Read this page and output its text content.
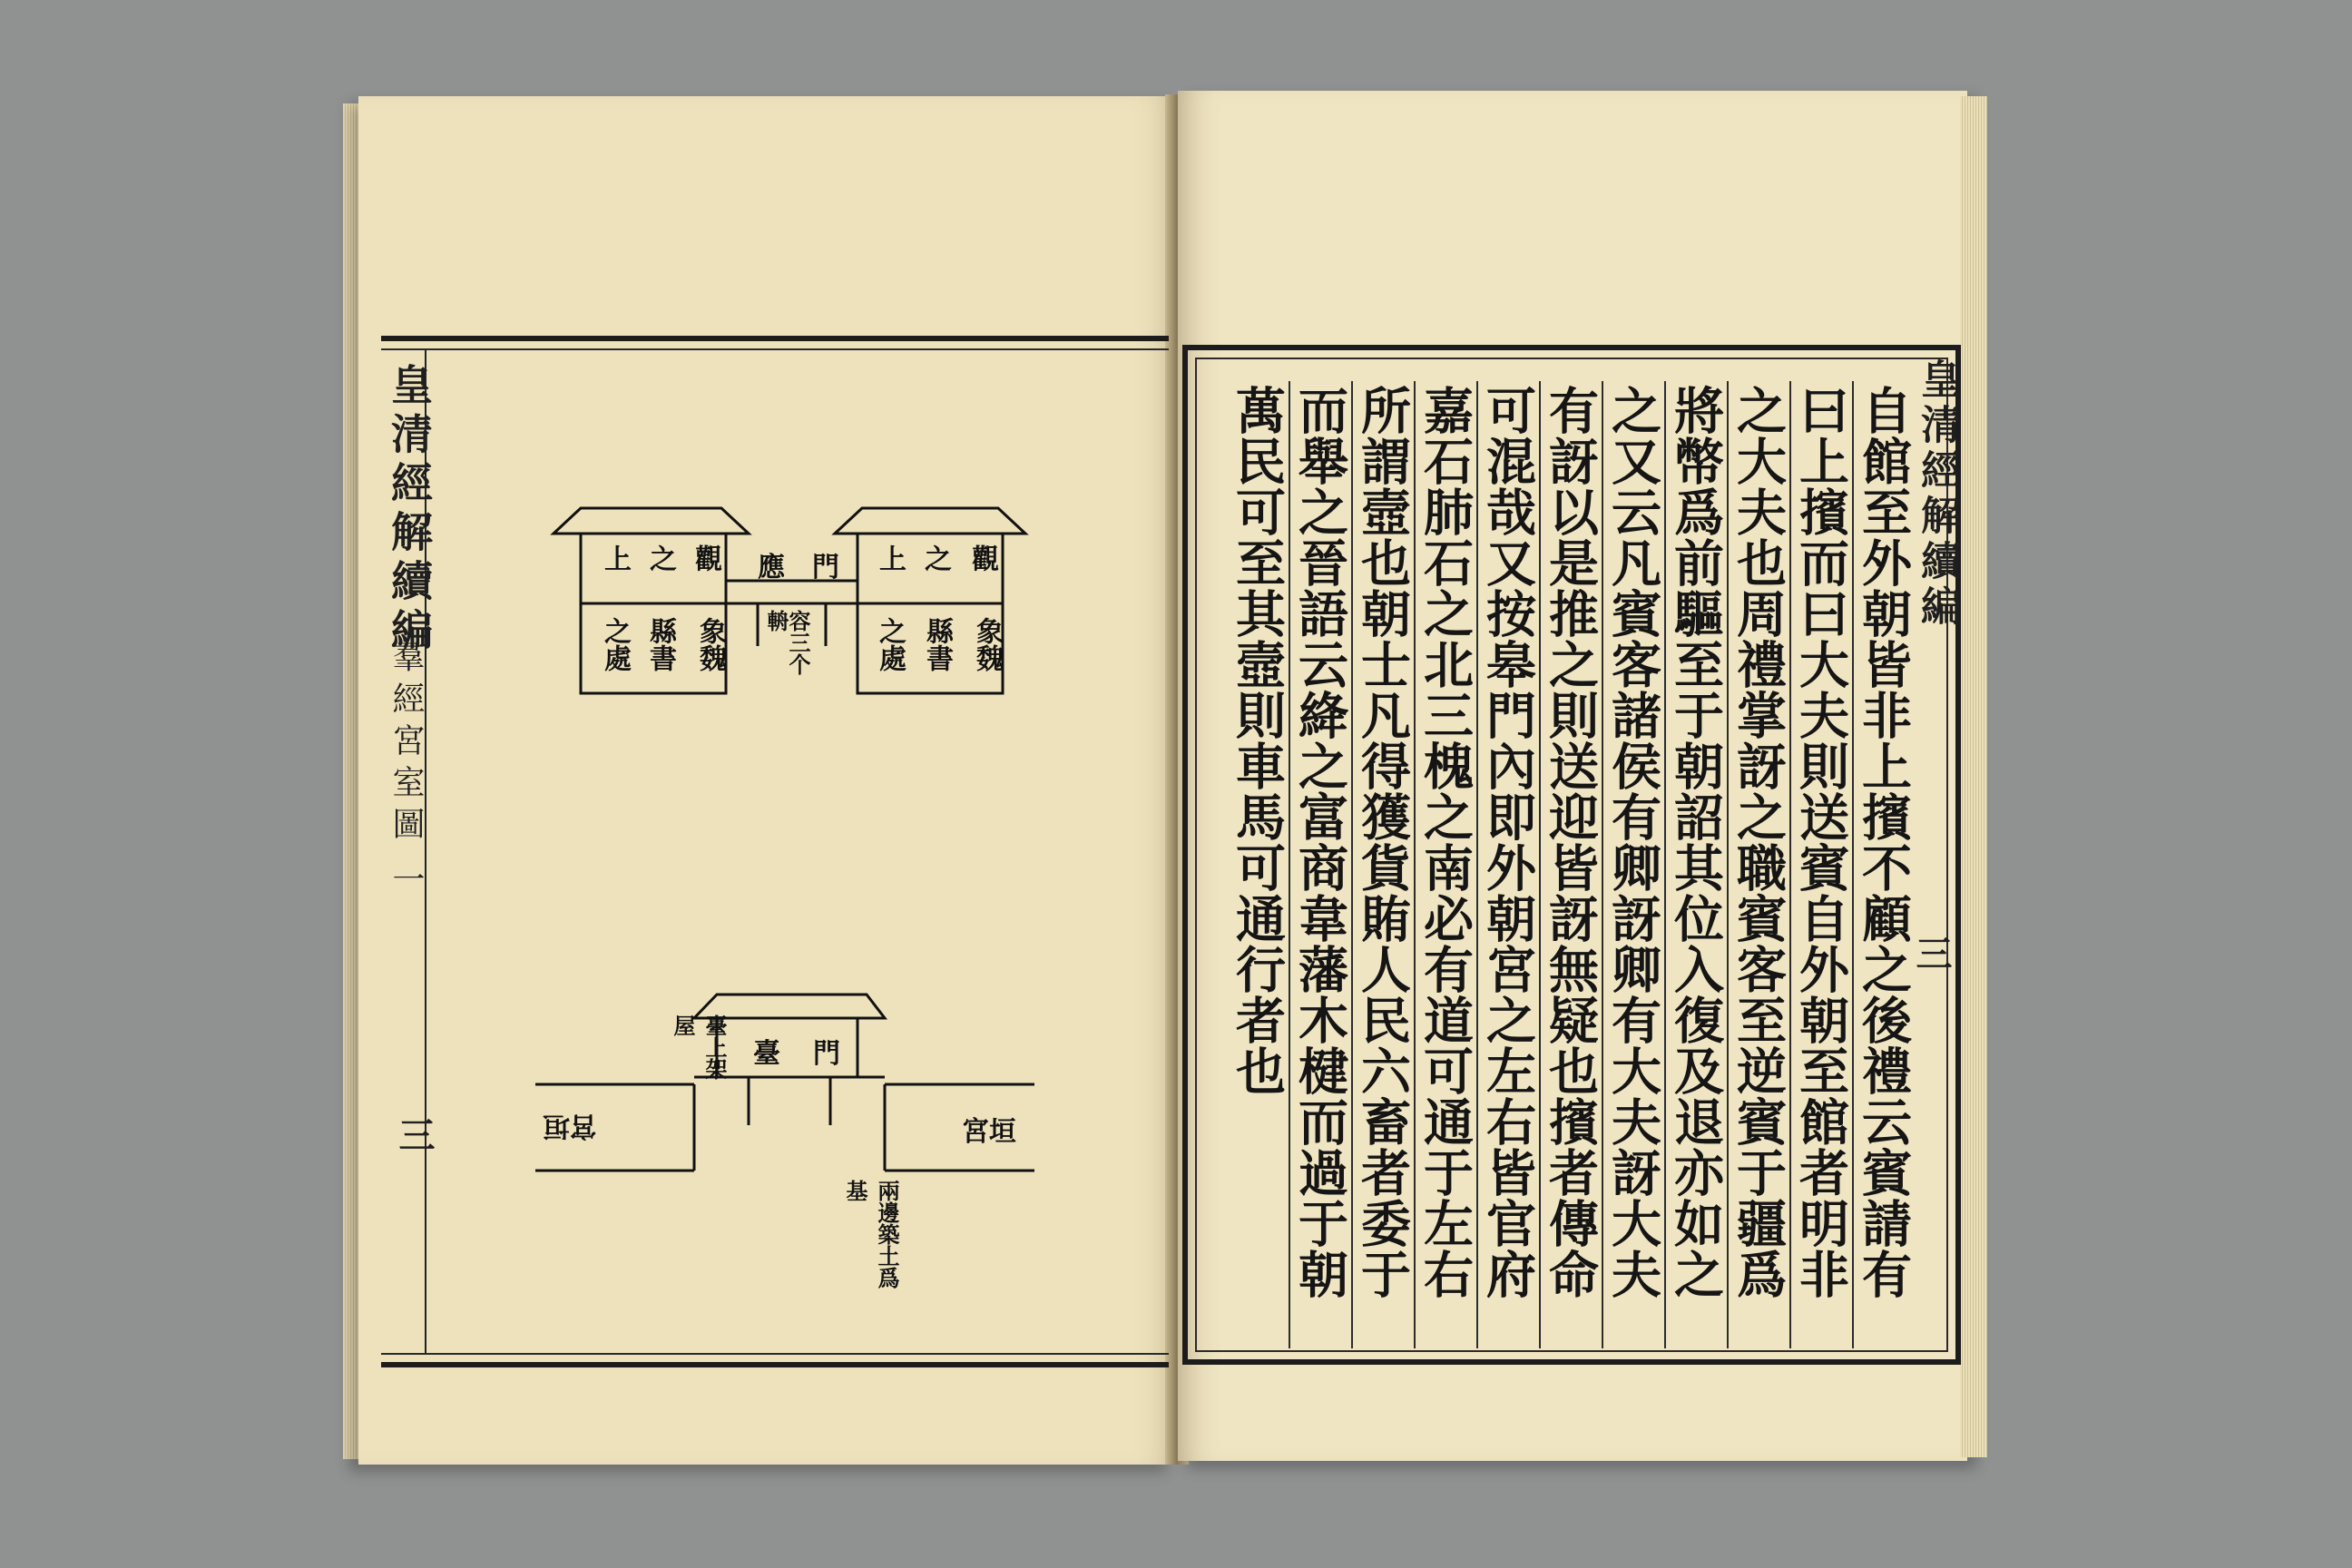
皇清經解續編
羣經宮室圖
一
三
觀
之
上
象魏
縣書
之處
觀
之
上
象魏
縣書
之處
應門
容三个
輈
臺門
臺上架屋
宮垣	宮垣
兩邊築土爲基
皇清經解續編
三
自館至外朝皆非上擯不顧之後禮云賓請有
曰上擯而曰大夫則送賓自外朝至館者明非
之大夫也周禮掌訝之職賓客至逆賓于疆爲
將幣爲前驅至于朝詔其位入復及退亦如之
之又云凡賓客諸侯有卿訝卿有大夫訝大夫
有訝以是推之則送迎皆訝無疑也擯者傳命
可混哉又按皋門內即外朝宮之左右皆官府
嘉石肺石之北三槐之南必有道可通于左右
所謂壼也朝士凡得獲貨賄人民六畜者委于
而舉之晉語云絳之富商韋藩木楗而過于朝
萬民可至其壼則車馬可通行者也
